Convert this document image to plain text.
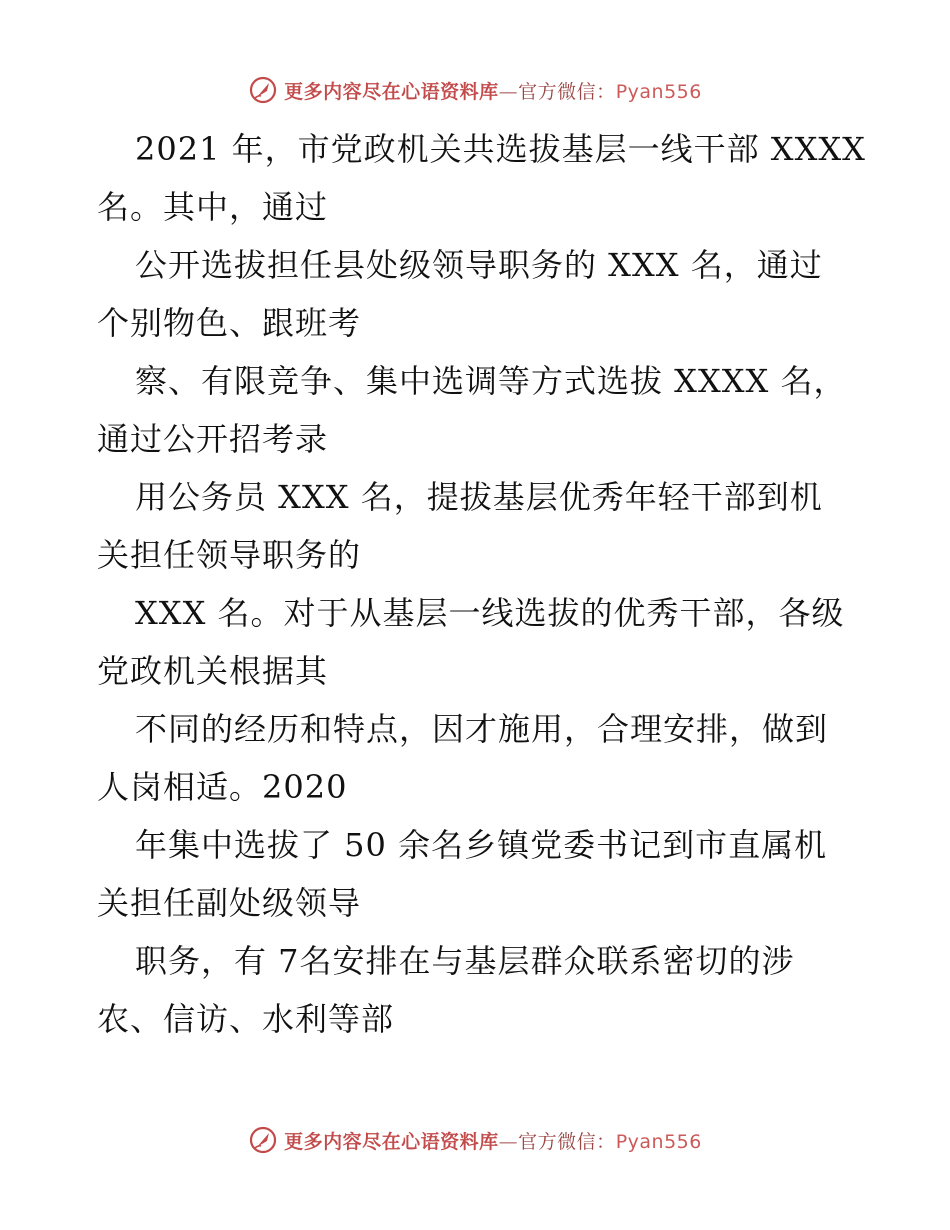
更多内容尽在心语资料库—官方微信：Pyan556
2021 年，市党政机关共选拔基层一线干部 XXXX
名。其中，通过
公开选拔担任县处级领导职务的 XXX 名，通过
个别物色、跟班考
察、有限竞争、集中选调等方式选拔 XXXX 名，
通过公开招考录
用公务员 XXX 名，提拔基层优秀年轻干部到机
关担任领导职务的
XXX 名。对于从基层一线选拔的优秀干部，各级
党政机关根据其
不同的经历和特点，因才施用，合理安排，做到
人岗相适。2020
年集中选拔了 50 余名乡镇党委书记到市直属机
关担任副处级领导
职务，有 7名安排在与基层群众联系密切的涉
农、信访、水利等部
更多内容尽在心语资料库—官方微信：Pyan556
